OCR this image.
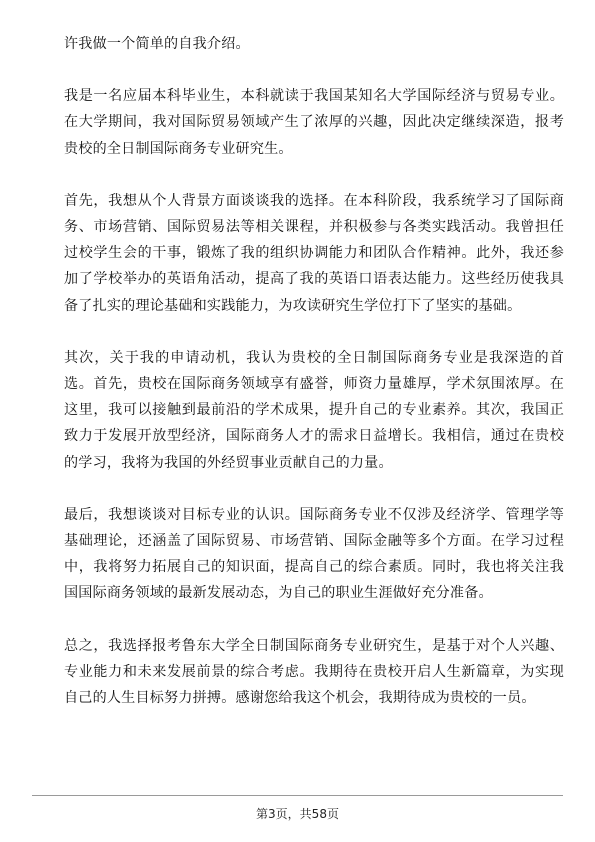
许我做一个简单的自我介绍。

我是一名应届本科毕业生，本科就读于我国某知名大学国际经济与贸易专业。在大学期间，我对国际贸易领域产生了浓厚的兴趣，因此决定继续深造，报考贵校的全日制国际商务专业研究生。

首先，我想从个人背景方面谈谈我的选择。在本科阶段，我系统学习了国际商务、市场营销、国际贸易法等相关课程，并积极参与各类实践活动。我曾担任过校学生会的干事，锻炼了我的组织协调能力和团队合作精神。此外，我还参加了学校举办的英语角活动，提高了我的英语口语表达能力。这些经历使我具备了扎实的理论基础和实践能力，为攻读研究生学位打下了坚实的基础。

其次，关于我的申请动机，我认为贵校的全日制国际商务专业是我深造的首选。首先，贵校在国际商务领域享有盛誉，师资力量雄厚，学术氛围浓厚。在这里，我可以接触到最前沿的学术成果，提升自己的专业素养。其次，我国正致力于发展开放型经济，国际商务人才的需求日益增长。我相信，通过在贵校的学习，我将为我国的外经贸事业贡献自己的力量。

最后，我想谈谈对目标专业的认识。国际商务专业不仅涉及经济学、管理学等基础理论，还涵盖了国际贸易、市场营销、国际金融等多个方面。在学习过程中，我将努力拓展自己的知识面，提高自己的综合素质。同时，我也将关注我国国际商务领域的最新发展动态，为自己的职业生涯做好充分准备。

总之，我选择报考鲁东大学全日制国际商务专业研究生，是基于对个人兴趣、专业能力和未来发展前景的综合考虑。我期待在贵校开启人生新篇章，为实现自己的人生目标努力拼搏。感谢您给我这个机会，我期待成为贵校的一员。

第3页，共58页
